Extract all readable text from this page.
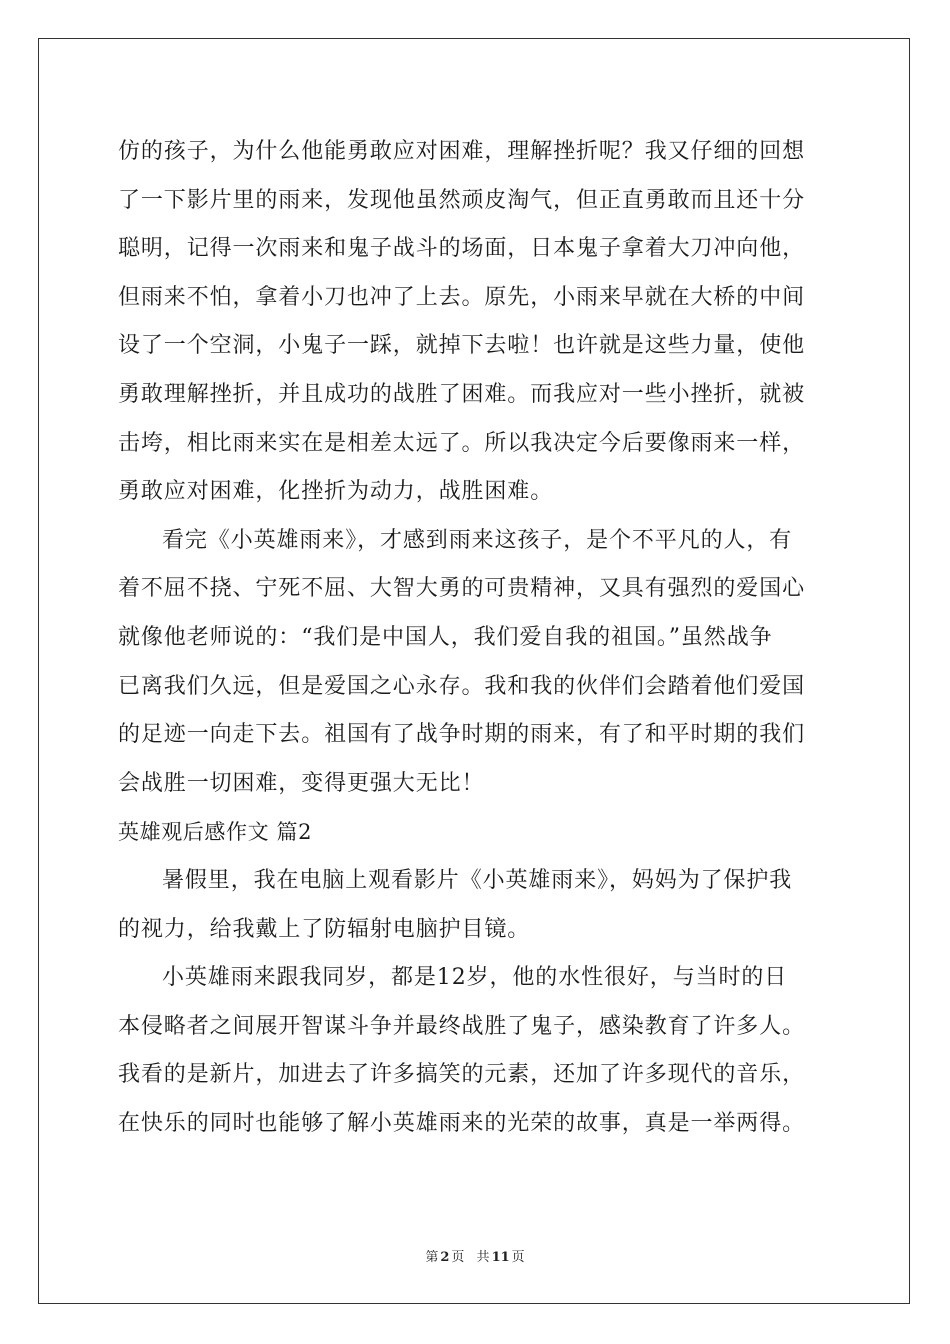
仿的孩子，为什么他能勇敢应对困难，理解挫折呢？我又仔细的回想
了一下影片里的雨来，发现他虽然顽皮淘气，但正直勇敢而且还十分
聪明，记得一次雨来和鬼子战斗的场面，日本鬼子拿着大刀冲向他，
但雨来不怕，拿着小刀也冲了上去。原先，小雨来早就在大桥的中间
设了一个空洞，小鬼子一踩，就掉下去啦！也许就是这些力量，使他
勇敢理解挫折，并且成功的战胜了困难。而我应对一些小挫折，就被
击垮，相比雨来实在是相差太远了。所以我决定今后要像雨来一样，
勇敢应对困难，化挫折为动力，战胜困难。
看完《小英雄雨来》，才感到雨来这孩子，是个不平凡的人，有
着不屈不挠、宁死不屈、大智大勇的可贵精神，又具有强烈的爱国心
就像他老师说的：“我们是中国人，我们爱自我的祖国。”虽然战争
已离我们久远，但是爱国之心永存。我和我的伙伴们会踏着他们爱国
的足迹一向走下去。祖国有了战争时期的雨来，有了和平时期的我们
会战胜一切困难，变得更强大无比！
英雄观后感作文 篇2
暑假里，我在电脑上观看影片《小英雄雨来》，妈妈为了保护我
的视力，给我戴上了防辐射电脑护目镜。
小英雄雨来跟我同岁，都是12岁，他的水性很好，与当时的日
本侵略者之间展开智谋斗争并最终战胜了鬼子，感染教育了许多人。
我看的是新片，加进去了许多搞笑的元素，还加了许多现代的音乐，
在快乐的同时也能够了解小英雄雨来的光荣的故事，真是一举两得。
第 2 页 共 11 页
